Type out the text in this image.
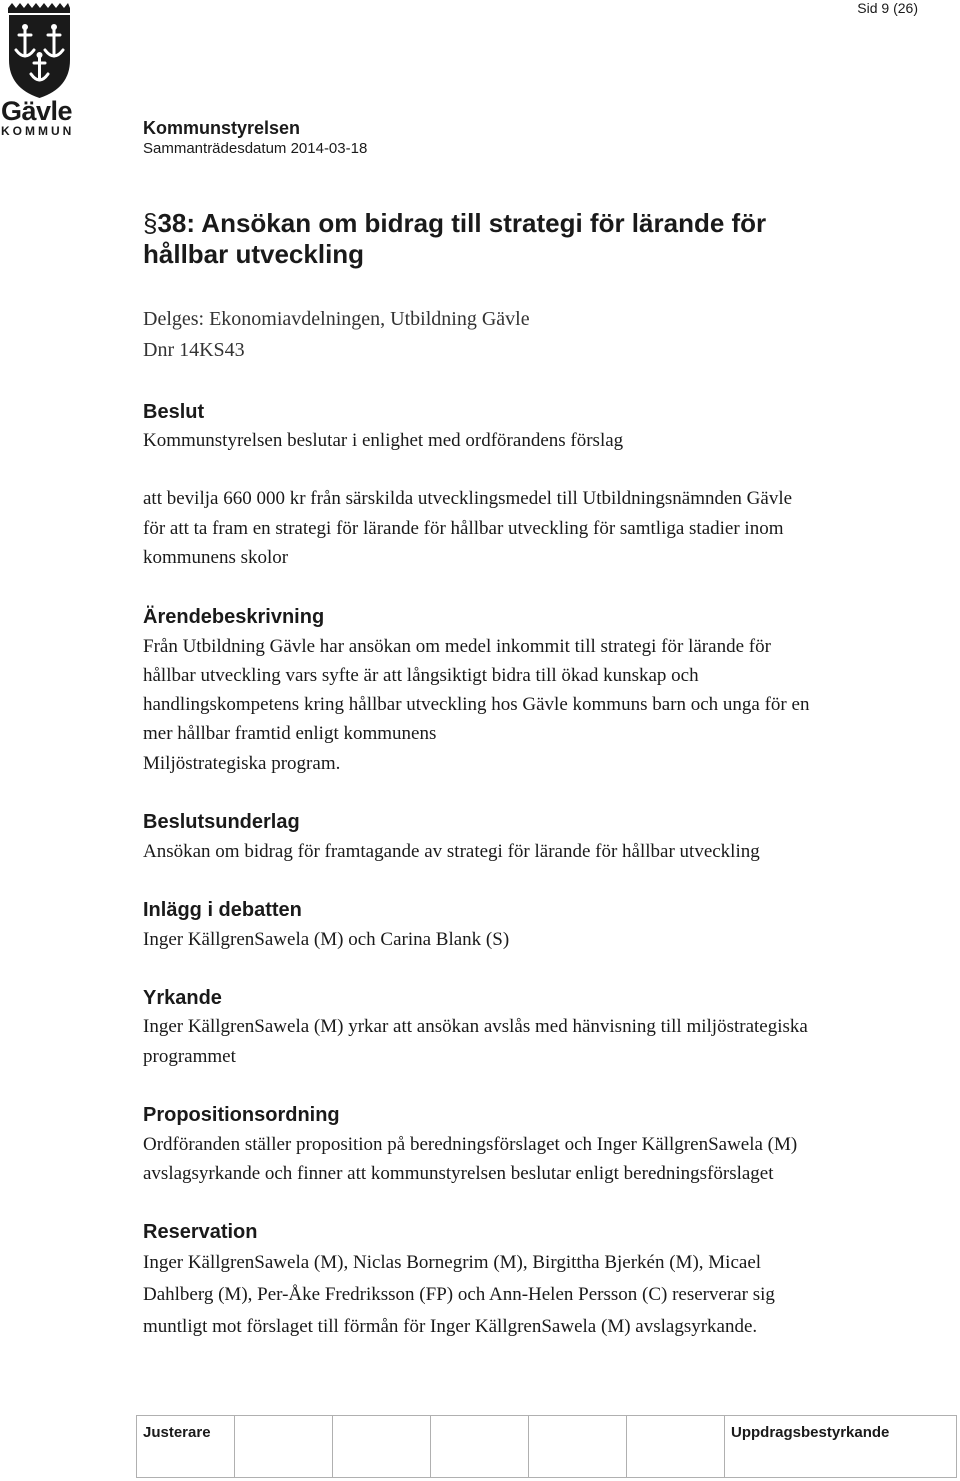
Gävle
KOMMUN
Sid 9 (26)
Kommunstyrelsen
Sammanträdesdatum 2014-03-18
§38: Ansökan om bidrag till strategi för lärande för
hållbar utveckling
Delges: Ekonomiavdelningen, Utbildning Gävle
Dnr 14KS43
Beslut
Kommunstyrelsen beslutar i enlighet med ordförandens förslag
att bevilja 660 000 kr från särskilda utvecklingsmedel till Utbildningsnämnden Gävle
för att ta fram en strategi för lärande för hållbar utveckling för samtliga stadier inom
kommunens skolor
Ärendebeskrivning
Från Utbildning Gävle har ansökan om medel inkommit till strategi för lärande för
hållbar utveckling vars syfte är att långsiktigt bidra till ökad kunskap och
handlingskompetens kring hållbar utveckling hos Gävle kommuns barn och unga för en
mer hållbar framtid enligt kommunens
Miljöstrategiska program.
Beslutsunderlag
Ansökan om bidrag för framtagande av strategi för lärande för hållbar utveckling
Inlägg i debatten
Inger KällgrenSawela (M) och Carina Blank (S)
Yrkande
Inger KällgrenSawela (M) yrkar att ansökan avslås med hänvisning till miljöstrategiska
programmet
Propositionsordning
Ordföranden ställer proposition på beredningsförslaget och Inger KällgrenSawela (M)
avslagsyrkande och finner att kommunstyrelsen beslutar enligt beredningsförslaget
Reservation
Inger KällgrenSawela (M), Niclas Bornegrim (M), Birgittha Bjerkén (M), Micael
Dahlberg (M), Per-Åke Fredriksson (FP) och Ann-Helen Persson (C) reserverar sig
muntligt mot förslaget till förmån för Inger KällgrenSawela (M) avslagsyrkande.
Justerare						Uppdragsbestyrkande
